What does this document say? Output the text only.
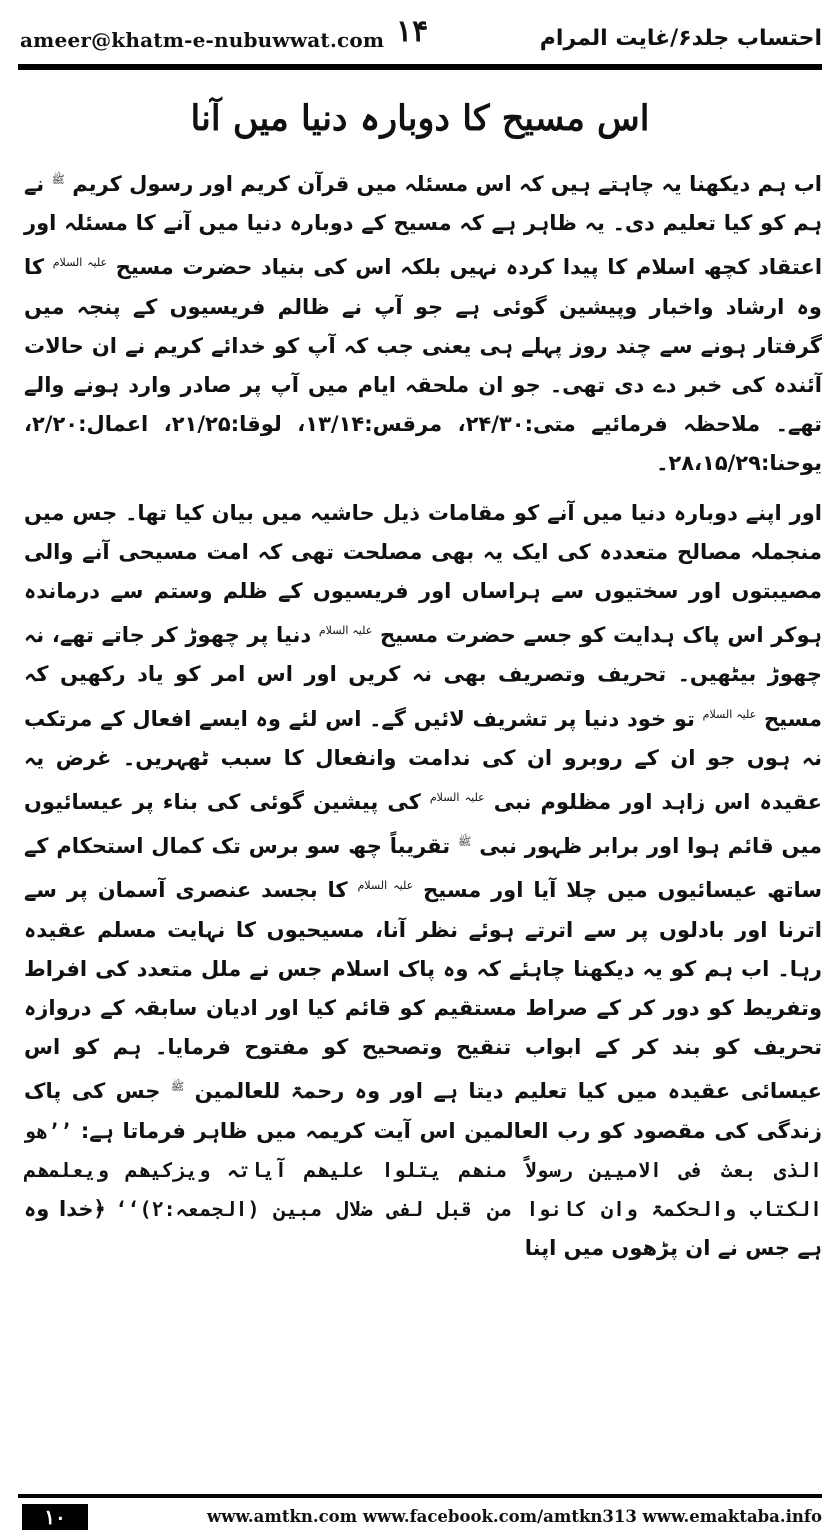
ameer@khatm-e-nubuwwat.com ۱۴	احتساب جلد۶/غایت المرام
اس مسیح کا دوبارہ دنیا میں آنا

اب ہم دیکھنا یہ چاہتے ہیں کہ اس مسئلہ میں قرآن کریم اور رسول کریم $^ﷺ$ نے ہم کو کیا تعلیم دی۔ یہ ظاہر ہے کہ مسیح کے دوبارہ دنیا میں آنے کا مسئلہ اور اعتقاد کچھ اسلام کا پیدا کردہ نہیں بلکہ اس کی بنیاد حضرت مسیح $^{علیہ السلام}$ کا وہ ارشاد واخبار وپیشین گوئی ہے جو آپ نے ظالم فریسیوں کے پنجہ میں گرفتار ہونے سے چند روز پہلے ہی یعنی جب کہ آپ کو خدائے کریم نے ان حالات آئندہ کی خبر دے دی تھی۔ جو ان ملحقہ ایام میں آپ پر صادر وارد ہونے والے تھے۔ ملاحظہ فرمائیے متی:۲۴/۳۰، مرقس:۱۳/۱۴، لوقا:۲۱/۲۵، اعمال:۲/۲۰، یوحنا:۲۸،۱۵/۲۹۔

اور اپنے دوبارہ دنیا میں آنے کو مقامات ذیل حاشیہ میں بیان کیا تھا۔ جس میں منجملہ مصالح متعددہ کی ایک یہ بھی مصلحت تھی کہ امت مسیحی آنے والی مصیبتوں اور سختیوں سے ہراساں اور فریسیوں کے ظلم وستم سے درماندہ ہوکر اس پاک ہدایت کو جسے حضرت مسیح $^{علیہ السلام}$ دنیا پر چھوڑ کر جاتے تھے، نہ چھوڑ بیٹھیں۔ تحریف وتصریف بھی نہ کریں اور اس امر کو یاد رکھیں کہ مسیح $^{علیہ السلام}$ تو خود دنیا پر تشریف لائیں گے۔ اس لئے وہ ایسے افعال کے مرتکب نہ ہوں جو ان کے روبرو ان کی ندامت وانفعال کا سبب ٹھہریں۔ غرض یہ عقیدہ اس زاہد اور مظلوم نبی $^{علیہ السلام}$ کی پیشین گوئی کی بناء پر عیسائیوں میں قائم ہوا اور برابر ظہور نبی $^ﷺ$ تقریباً چھ سو برس تک کمال استحکام کے ساتھ عیسائیوں میں چلا آیا اور مسیح $^{علیہ السلام}$ کا بجسد عنصری آسمان پر سے اترنا اور بادلوں پر سے اترتے ہوئے نظر آنا، مسیحیوں کا نہایت مسلم عقیدہ رہا۔ اب ہم کو یہ دیکھنا چاہئے کہ وہ پاک اسلام جس نے ملل متعدد کی افراط وتفریط کو دور کر کے صراط مستقیم کو قائم کیا اور ادیان سابقہ کے دروازہ تحریف کو بند کر کے ابواب تنقیح وتصحیح کو مفتوح فرمایا۔ ہم کو اس عیسائی عقیدہ میں کیا تعلیم دیتا ہے اور وہ رحمۃ للعالمین $^ﷺ$ جس کی پاک زندگی کی مقصود کو رب العالمین اس آیت کریمہ میں ظاہر فرماتا ہے: ’’ھو الذی بعث فی الامیین رسولاً منھم یتلوا علیھم آیاتہ ویزکیھم ویعلمھم الکتاب والحکمۃ وان کانوا من قبل لفی ضلال مبین (الجمعہ:۲)‘‘ ﴿خدا وہ ہے جس نے ان پڑھوں میں اپنا

۱۰	www.amtkn.com www.facebook.com/amtkn313 www.emaktaba.info
